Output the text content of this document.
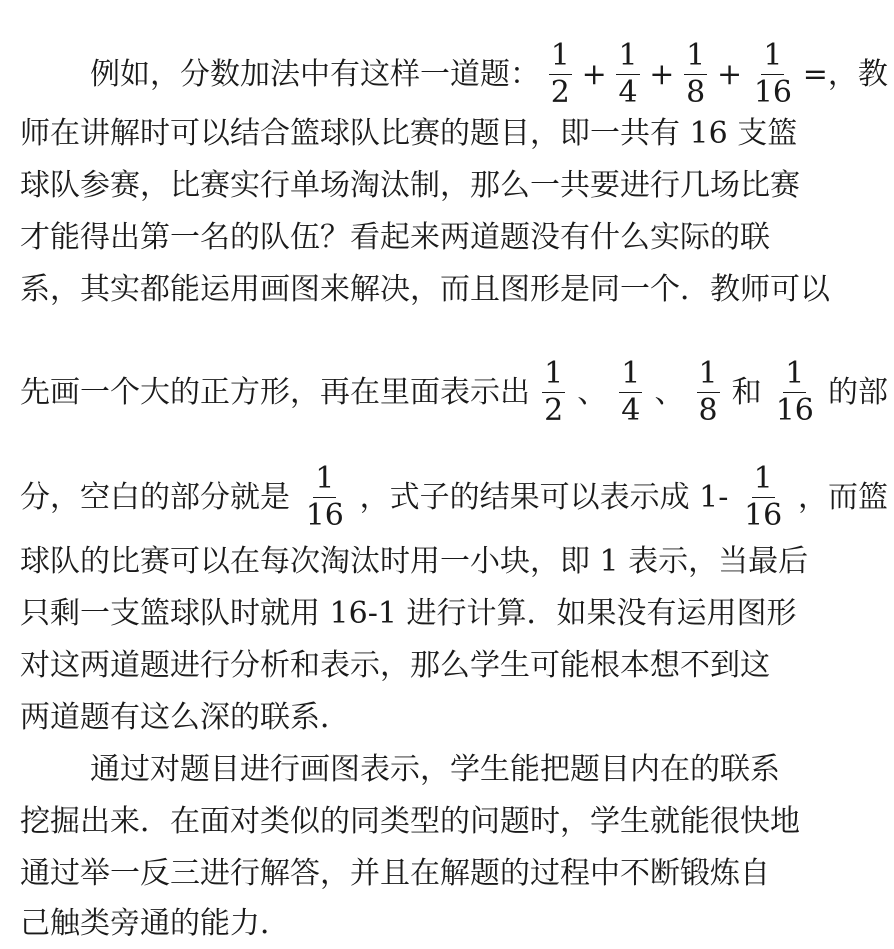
例如，分数加法中有这样一道题： $\frac{1}{2} + \frac{1}{4} + \frac{1}{8} + \frac{1}{16}$ =，教
师在讲解时可以结合篮球队比赛的题目，即一共有 16 支篮
球队参赛，比赛实行单场淘汰制，那么一共要进行几场比赛
才能得出第一名的队伍？看起来两道题没有什么实际的联
系，其实都能运用画图来解决，而且图形是同一个．教师可以
先画一个大的正方形，再在里面表示出 $\frac{1}{2}$ 、 $\frac{1}{4}$ 、 $\frac{1}{8}$ 和 $\frac{1}{16}$ 的部
分，空白的部分就是 $\frac{1}{16}$ ，式子的结果可以表示成 $1- \frac{1}{16}$ ，而篮
球队的比赛可以在每次淘汰时用一小块，即 1 表示，当最后
只剩一支篮球队时就用 16-1 进行计算．如果没有运用图形
对这两道题进行分析和表示，那么学生可能根本想不到这
两道题有这么深的联系．
通过对题目进行画图表示，学生能把题目内在的联系
挖掘出来．在面对类似的同类型的问题时，学生就能很快地
通过举一反三进行解答，并且在解题的过程中不断锻炼自
己触类旁通的能力．
